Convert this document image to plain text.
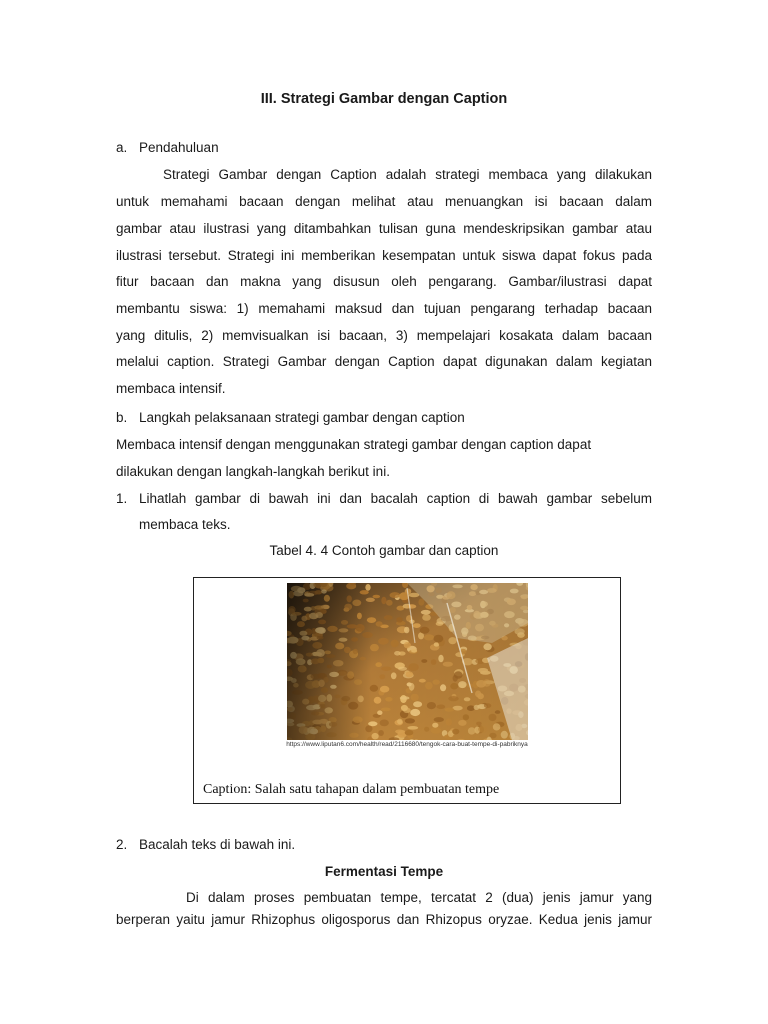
III. Strategi Gambar dengan Caption
a. Pendahuluan
Strategi Gambar dengan Caption adalah strategi membaca yang dilakukan
untuk memahami bacaan dengan melihat atau menuangkan isi bacaan dalam
gambar atau ilustrasi yang ditambahkan tulisan guna mendeskripsikan gambar atau
ilustrasi tersebut. Strategi ini memberikan kesempatan untuk siswa dapat fokus pada
fitur bacaan dan makna yang disusun oleh pengarang. Gambar/ilustrasi dapat
membantu siswa: 1) memahami maksud dan tujuan pengarang terhadap bacaan
yang ditulis, 2) memvisualkan isi bacaan, 3) mempelajari kosakata dalam bacaan
melalui caption. Strategi Gambar dengan Caption dapat digunakan dalam kegiatan
membaca intensif.
b. Langkah pelaksanaan strategi gambar dengan caption
Membaca intensif dengan menggunakan strategi gambar dengan caption dapat
dilakukan dengan langkah-langkah berikut ini.
1. Lihatlah gambar di bawah ini dan bacalah caption di bawah gambar sebelum
membaca teks.
Tabel 4. 4 Contoh gambar dan caption
https://www.liputan6.com/health/read/2116680/tengok-cara-buat-tempe-di-pabriknya
Caption: Salah satu tahapan dalam pembuatan tempe
2. Bacalah teks di bawah ini.
Fermentasi Tempe
Di dalam proses pembuatan tempe, tercatat 2 (dua) jenis jamur yang
berperan yaitu jamur Rhizophus oligosporus dan Rhizopus oryzae. Kedua jenis jamur
